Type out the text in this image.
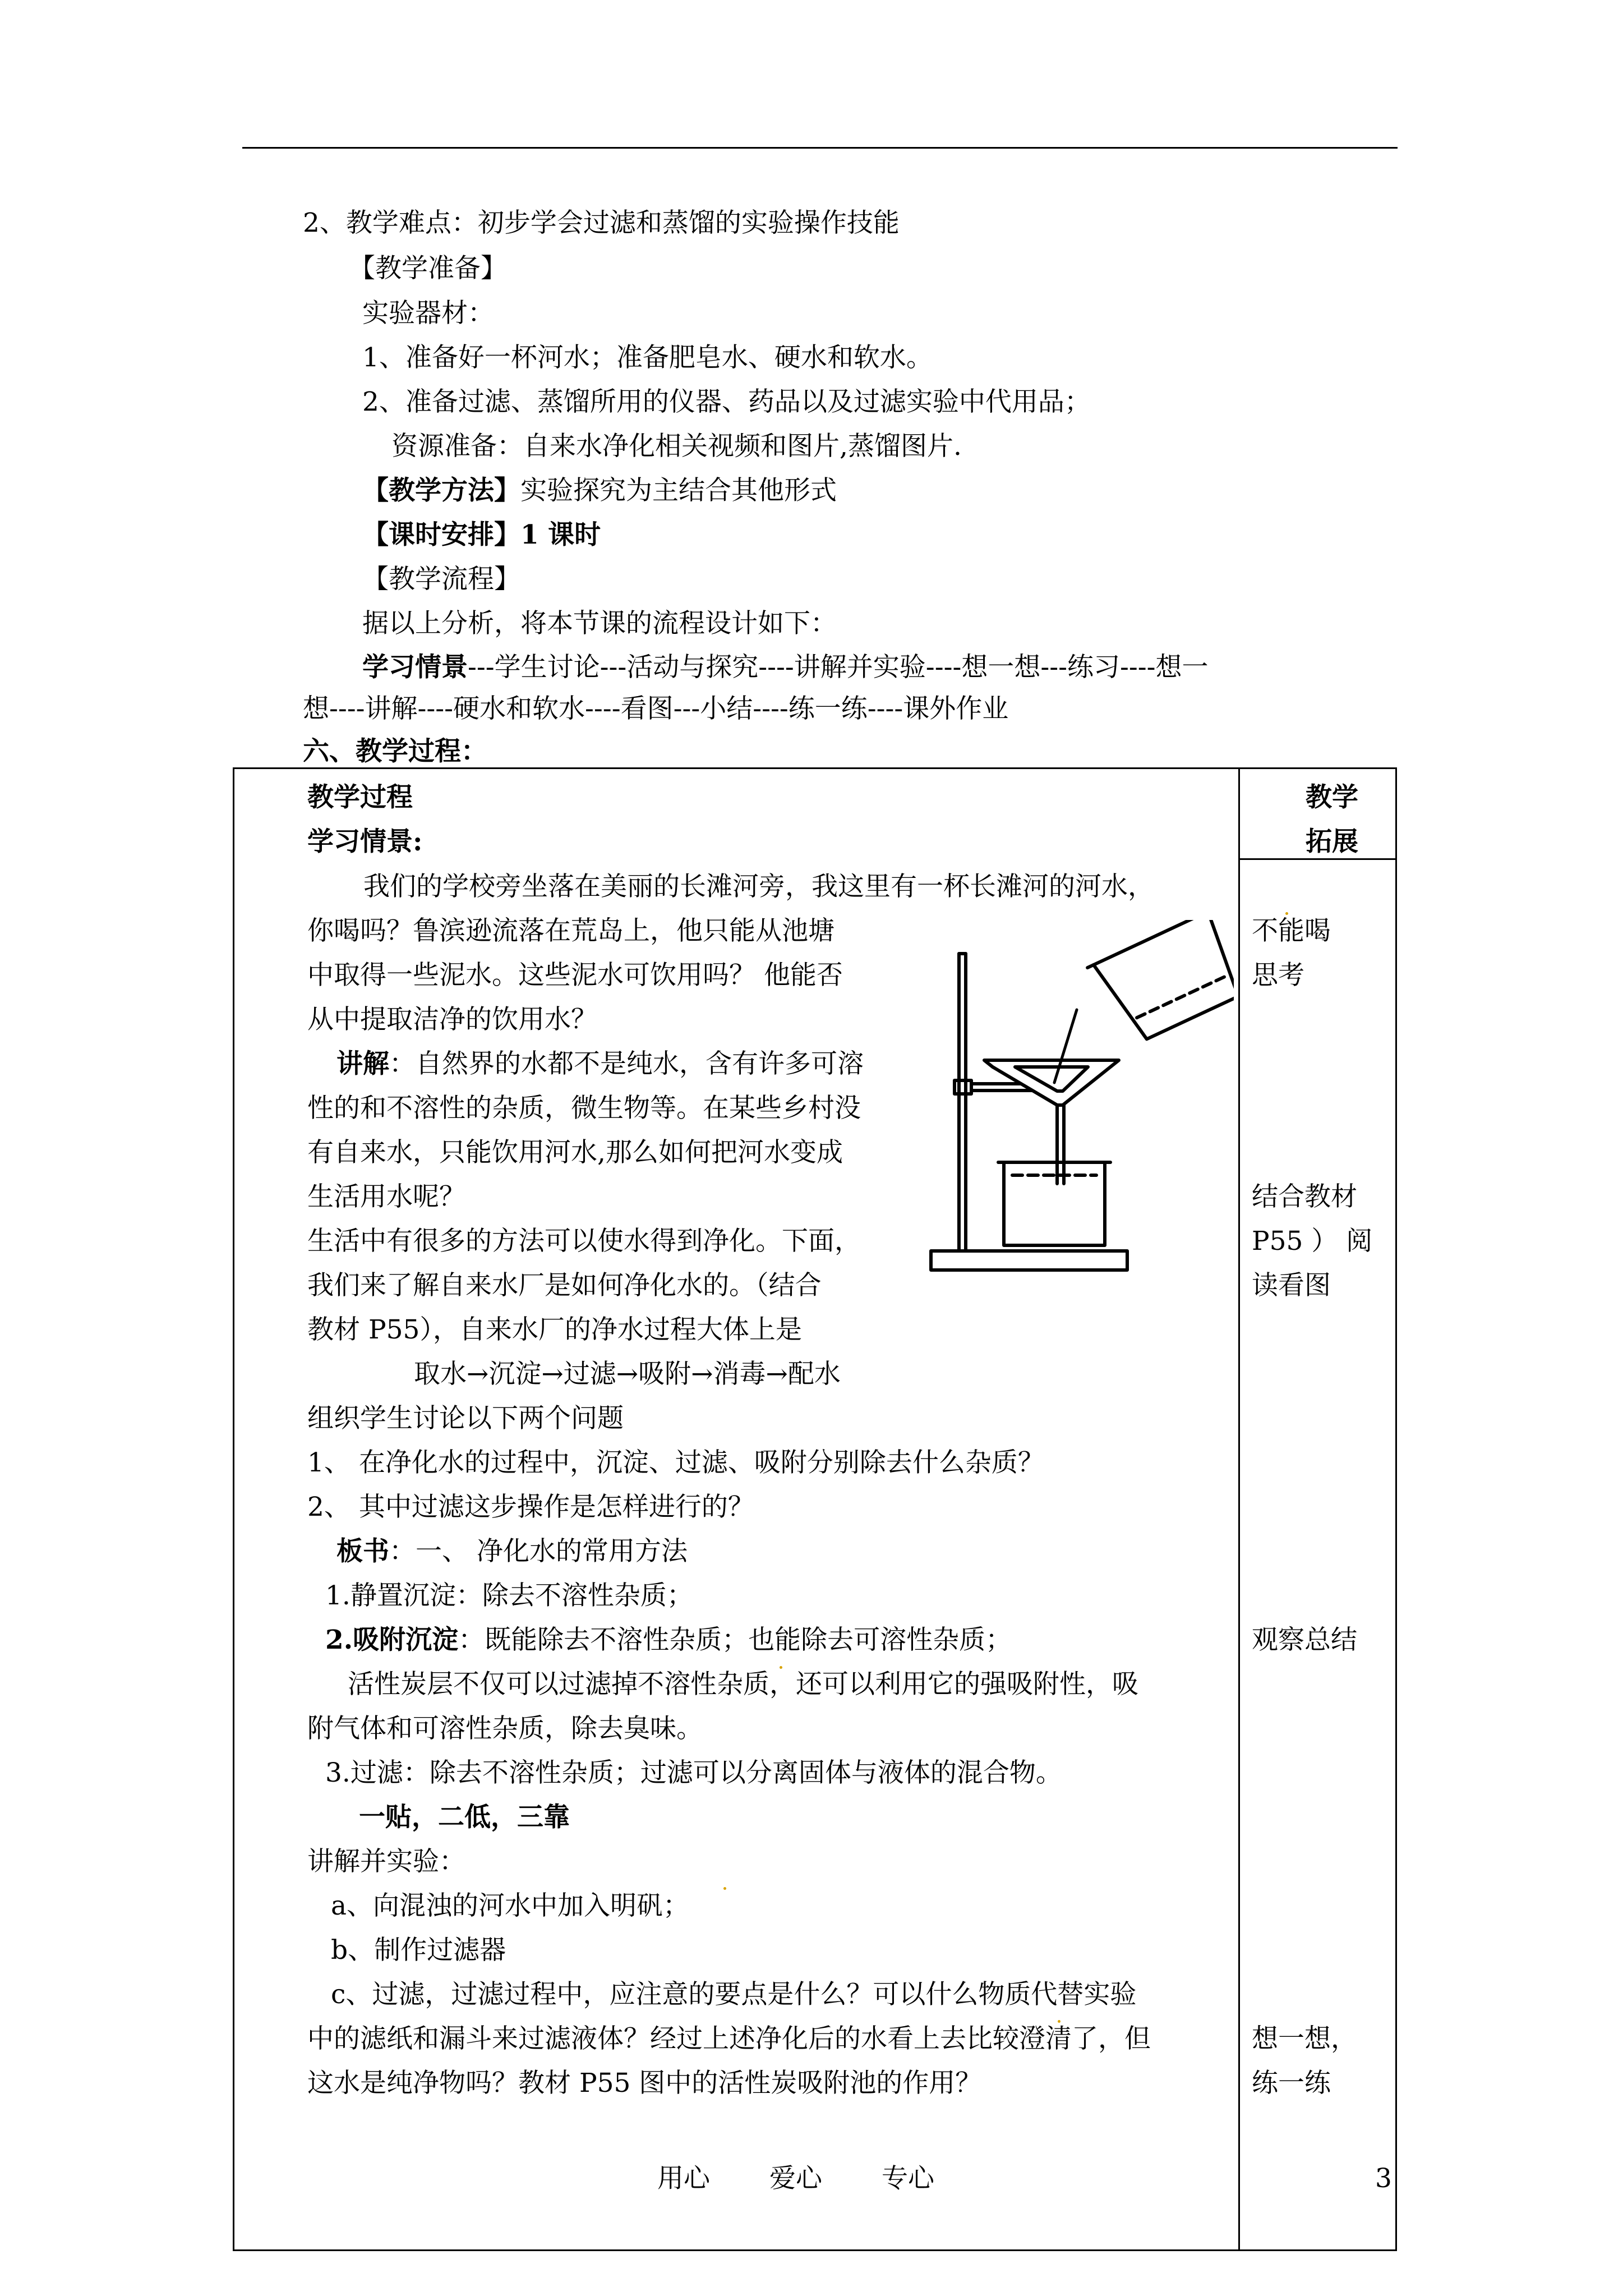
2、教学难点：初步学会过滤和蒸馏的实验操作技能
【教学准备】
实验器材：
1、准备好一杯河水；准备肥皂水、硬水和软水。
2、准备过滤、蒸馏所用的仪器、药品以及过滤实验中代用品；
资源准备：自来水净化相关视频和图片,蒸馏图片.
【教学方法】实验探究为主结合其他形式
【课时安排】1 课时
【教学流程】
据以上分析，将本节课的流程设计如下：
学习情景---学生讨论---活动与探究----讲解并实验----想一想---练习----想一
想----讲解----硬水和软水----看图---小结----练一练----课外作业
六、教学过程：
教学过程
学习情景:
我们的学校旁坐落在美丽的长滩河旁，我这里有一杯长滩河的河水，
你喝吗？鲁滨逊流落在荒岛上，他只能从池塘
中取得一些泥水。这些泥水可饮用吗？ 他能否
从中提取洁净的饮用水？
讲解：自然界的水都不是纯水，含有许多可溶
性的和不溶性的杂质，微生物等。在某些乡村没
有自来水，只能饮用河水,那么如何把河水变成
生活用水呢？
生活中有很多的方法可以使水得到净化。下面，
我们来了解自来水厂是如何净化水的。（结合
教材 P55），自来水厂的净水过程大体上是
取水→沉淀→过滤→吸附→消毒→配水
组织学生讨论以下两个问题
1、 在净化水的过程中，沉淀、过滤、吸附分别除去什么杂质？
2、 其中过滤这步操作是怎样进行的？
板书：一、 净化水的常用方法
1.静置沉淀：除去不溶性杂质；
2.吸附沉淀：既能除去不溶性杂质；也能除去可溶性杂质；
活性炭层不仅可以过滤掉不溶性杂质，还可以利用它的强吸附性，吸
附气体和可溶性杂质，除去臭味。
3.过滤：除去不溶性杂质；过滤可以分离固体与液体的混合物。
一贴，二低，三靠
讲解并实验：
a、向混浊的河水中加入明矾；
b、制作过滤器
c、过滤，过滤过程中，应注意的要点是什么？可以什么物质代替实验
中的滤纸和漏斗来过滤液体？经过上述净化后的水看上去比较澄清了，但
这水是纯净物吗？教材 P55 图中的活性炭吸附池的作用？
教学
拓展
不能喝
思考
结合教材
P55 ） 阅
读看图
观察总结
想一想，
练一练
用心 爱心 专心	3
